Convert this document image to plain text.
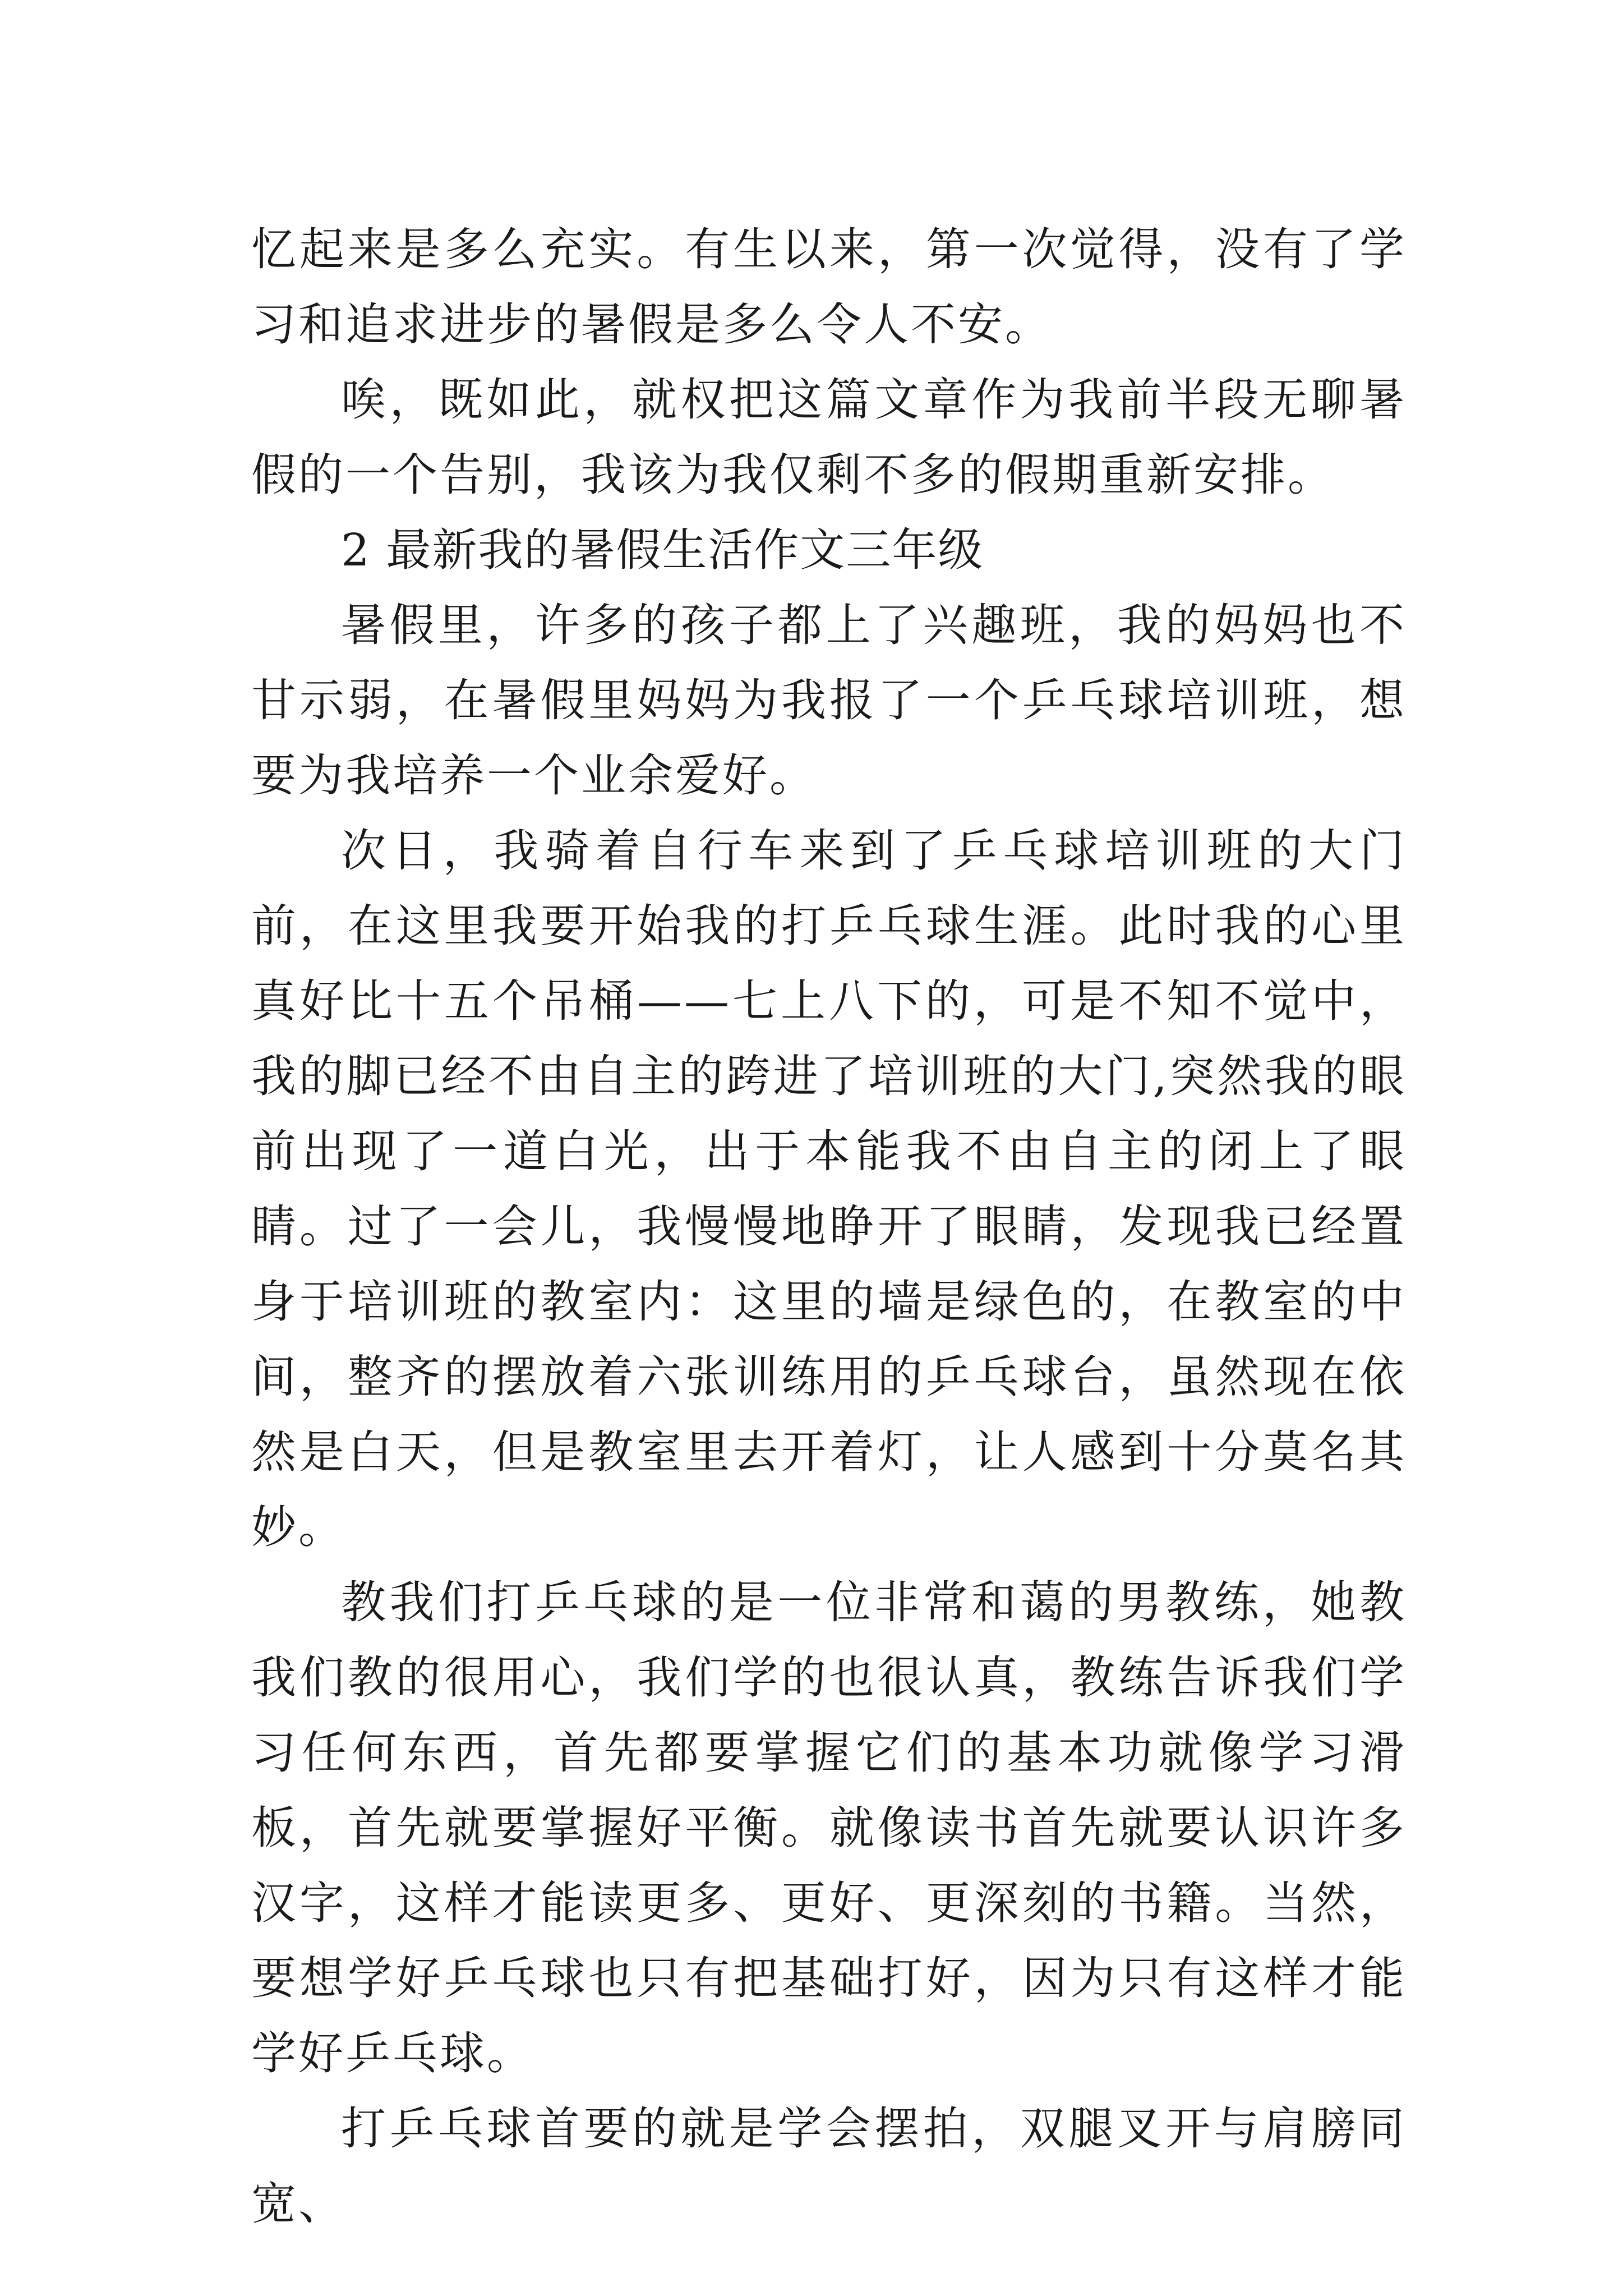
忆起来是多么充实。有生以来，第一次觉得，没有了学习和追求进步的暑假是多么令人不安。

唉，既如此，就权把这篇文章作为我前半段无聊暑假的一个告别，我该为我仅剩不多的假期重新安排。

2 最新我的暑假生活作文三年级

暑假里，许多的孩子都上了兴趣班，我的妈妈也不甘示弱，在暑假里妈妈为我报了一个乒乓球培训班，想要为我培养一个业余爱好。

次日，我骑着自行车来到了乒乓球培训班的大门前，在这里我要开始我的打乒乓球生涯。此时我的心里真好比十五个吊桶——七上八下的，可是不知不觉中，我的脚已经不由自主的跨进了培训班的大门,突然我的眼前出现了一道白光，出于本能我不由自主的闭上了眼睛。过了一会儿，我慢慢地睁开了眼睛，发现我已经置身于培训班的教室内：这里的墙是绿色的，在教室的中间，整齐的摆放着六张训练用的乒乓球台，虽然现在依然是白天，但是教室里去开着灯，让人感到十分莫名其妙。

教我们打乒乓球的是一位非常和蔼的男教练，她教我们教的很用心，我们学的也很认真，教练告诉我们学习任何东西，首先都要掌握它们的基本功就像学习滑板，首先就要掌握好平衡。就像读书首先就要认识许多汉字，这样才能读更多、更好、更深刻的书籍。当然，要想学好乒乓球也只有把基础打好，因为只有这样才能学好乒乓球。

打乒乓球首要的就是学会摆拍，双腿叉开与肩膀同宽、
